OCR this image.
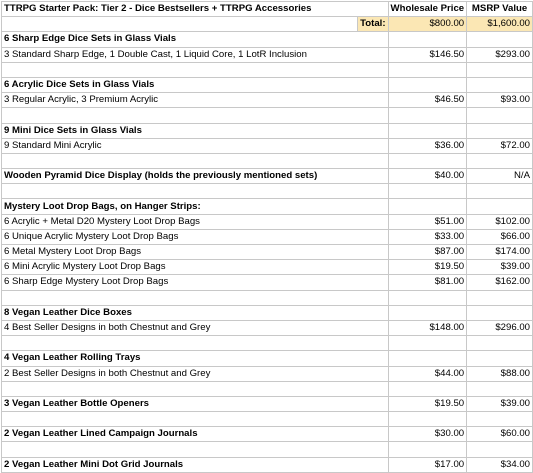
TTRPG Starter Pack: Tier 2 - Dice Bestsellers + TTRPG Accessories		Wholesale Price	MSRP Value
	Total:	$800.00	$1,600.00
6 Sharp Edge Dice Sets in Glass Vials			
3 Standard Sharp Edge, 1 Double Cast, 1 Liquid Core, 1 LotR Inclusion		$146.50	$293.00

6 Acrylic Dice Sets in Glass Vials			
3 Regular Acrylic, 3 Premium Acrylic		$46.50	$93.00

9 Mini Dice Sets in Glass Vials			
9 Standard Mini Acrylic		$36.00	$72.00

Wooden Pyramid Dice Display (holds the previously mentioned sets)		$40.00	N/A

Mystery Loot Drop Bags, on Hanger Strips:			
6 Acrylic + Metal D20 Mystery Loot Drop Bags		$51.00	$102.00
6 Unique Acrylic Mystery Loot Drop Bags		$33.00	$66.00
6 Metal Mystery Loot Drop Bags		$87.00	$174.00
6 Mini Acrylic Mystery Loot Drop Bags		$19.50	$39.00
6 Sharp Edge Mystery Loot Drop Bags		$81.00	$162.00

8 Vegan Leather Dice Boxes			
4 Best Seller Designs in both Chestnut and Grey		$148.00	$296.00

4 Vegan Leather Rolling Trays			
2 Best Seller Designs in both Chestnut and Grey		$44.00	$88.00

3 Vegan Leather Bottle Openers		$19.50	$39.00

2 Vegan Leather Lined Campaign Journals		$30.00	$60.00

2 Vegan Leather Mini Dot Grid Journals		$17.00	$34.00
